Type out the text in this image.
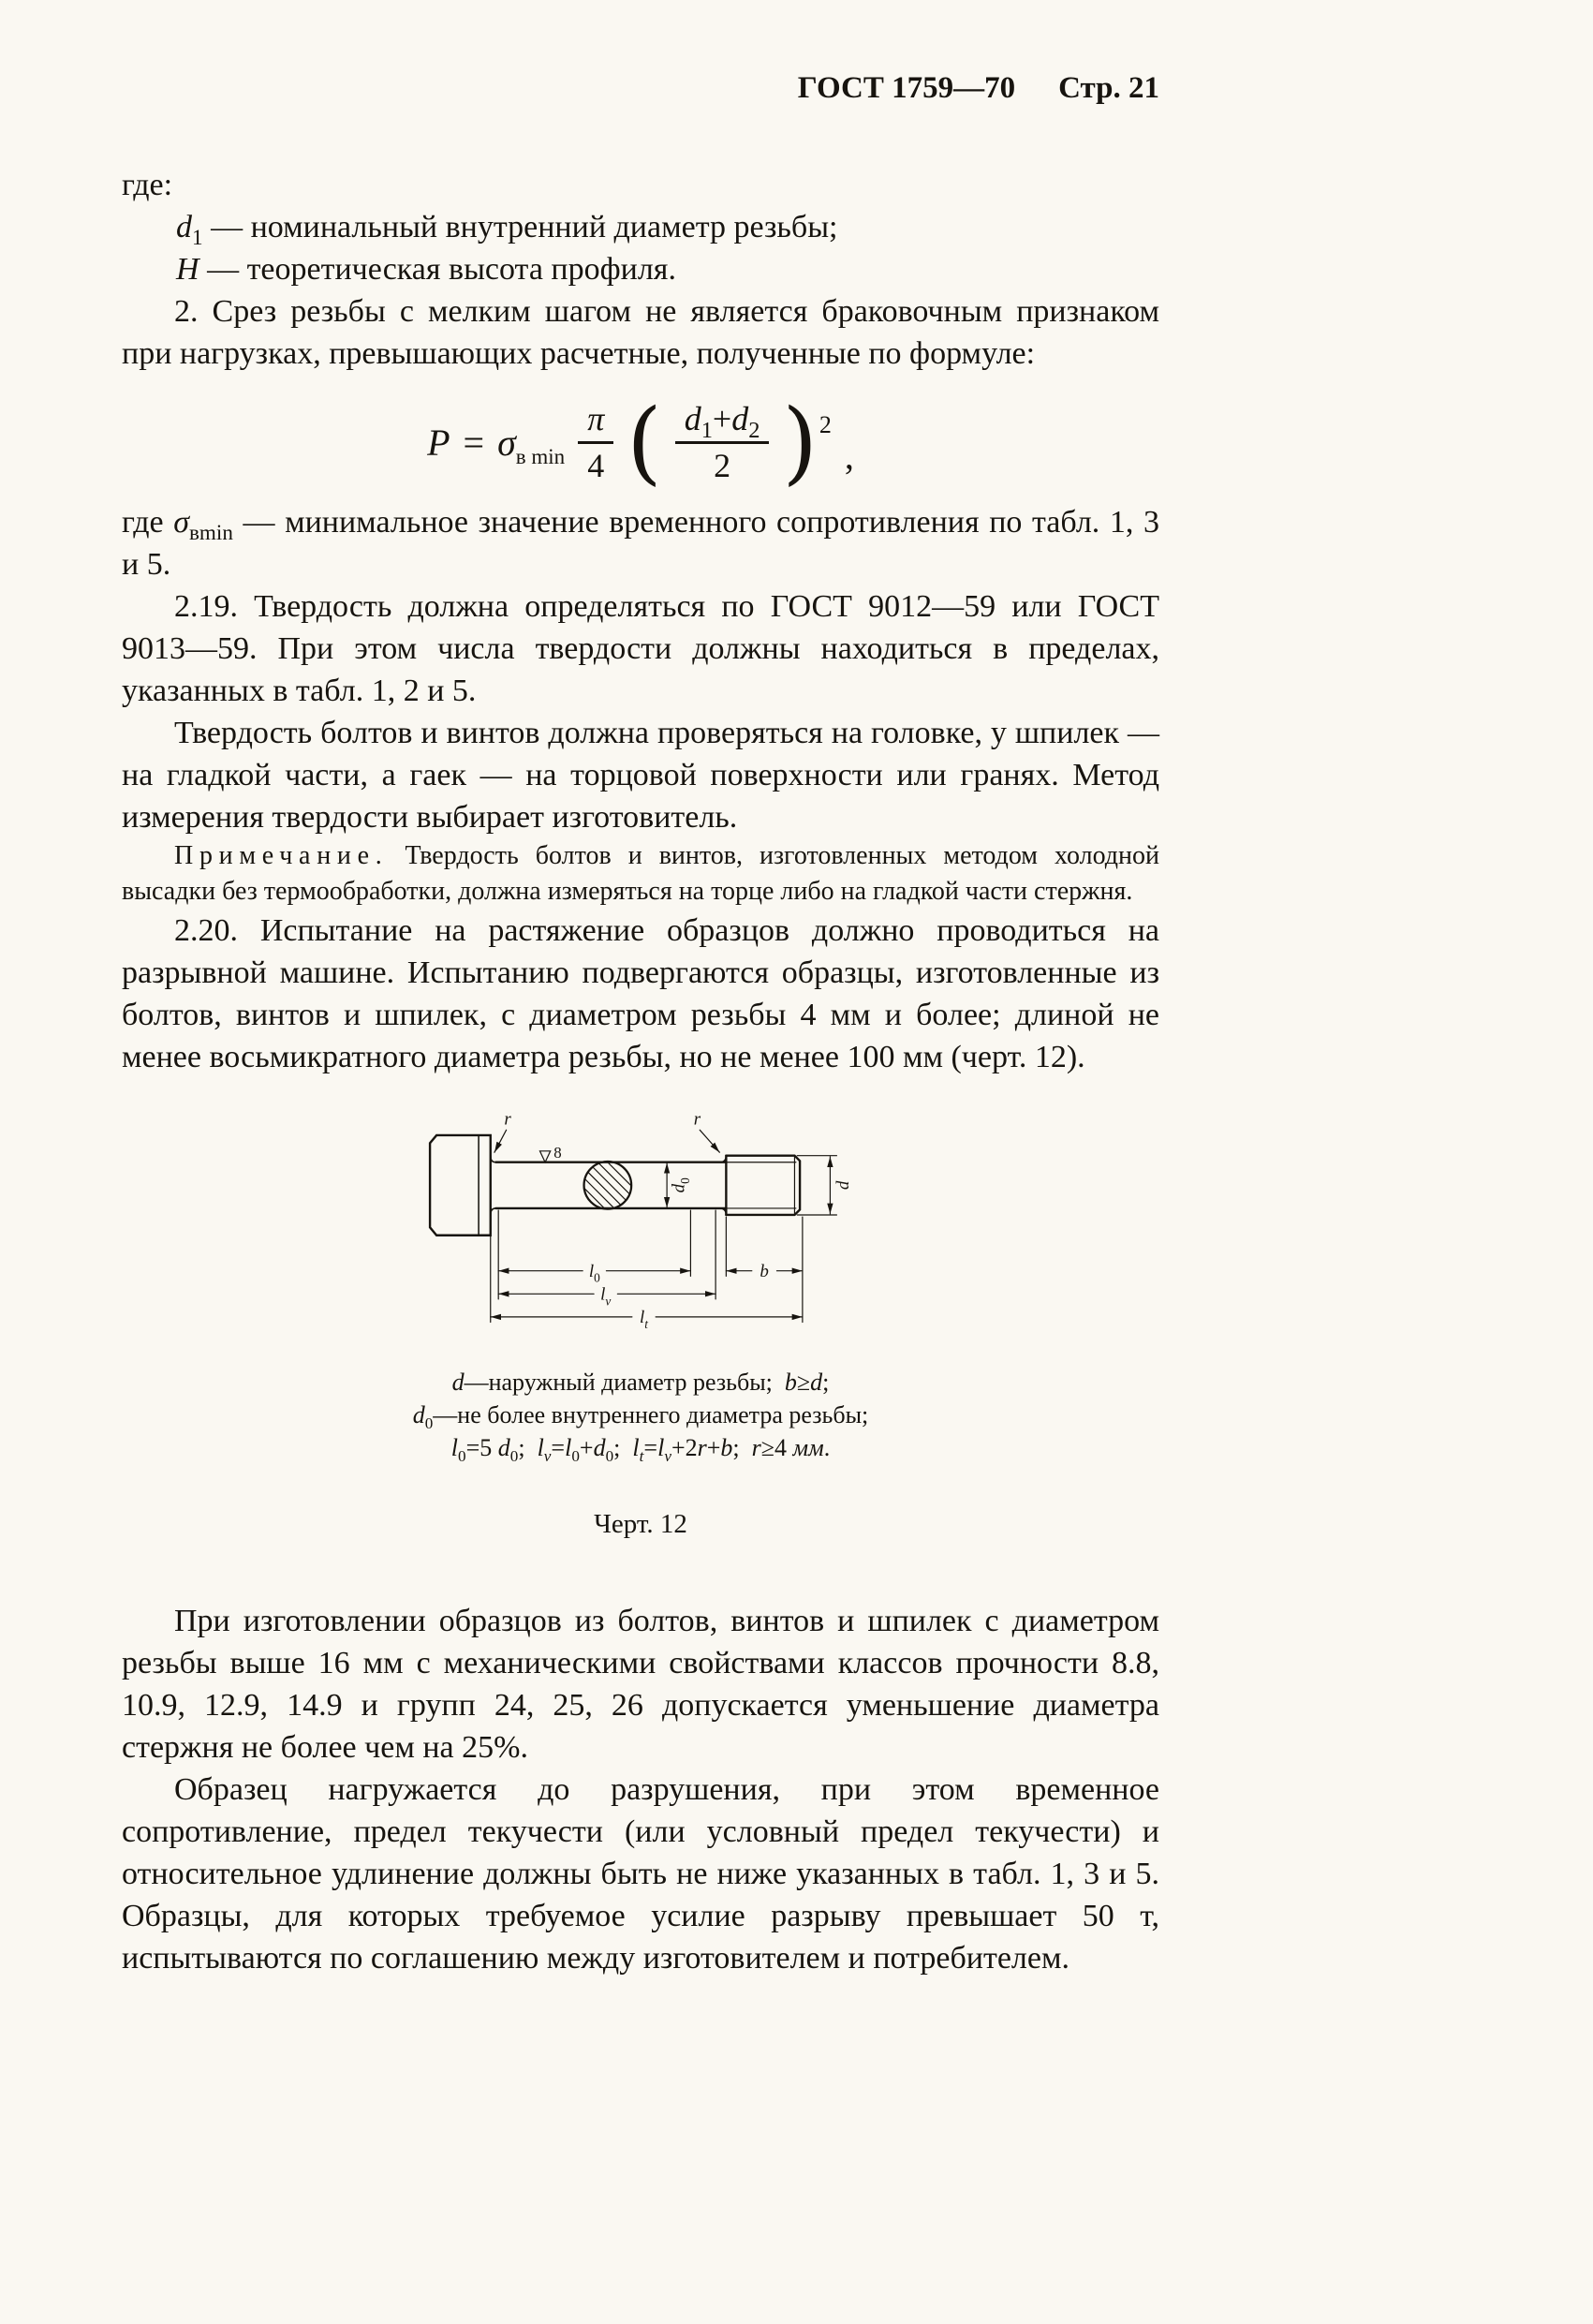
ГОСТ 1759—70 Стр. 21

где:

$d_1$ — номинальный внутренний диаметр резьбы;

Н — теоретическая высота профиля.

2. Срез резьбы с мелким шагом не является браковочным признаком при нагрузках, превышающих расчетные, полученные по формуле:

$P = \sigma_{в min} \frac{\pi}{4}$ ( $\frac{d_1+d_2}{2}$ ) 2
,

где $\sigma_{вmin}$ — минимальное значение временного сопротивления по табл. 1, 3 и 5.

2.19. Твердость должна определяться по ГОСТ 9012—59 или ГОСТ 9013—59. При этом числа твердости должны находиться в пределах, указанных в табл. 1, 2 и 5.

Твердость болтов и винтов должна проверяться на головке, у шпилек — на гладкой части, а гаек — на торцовой поверхности или гранях. Метод измерения твердости выбирает изготовитель.

Примечание. Твердость болтов и винтов, изготовленных методом холодной высадки без термообработки, должна измеряться на торце либо на гладкой части стержня.

2.20. Испытание на растяжение образцов должно проводиться на разрывной машине. Испытанию подвергаются образцы, изготовленные из болтов, винтов и шпилек, с диаметром резьбы 4 мм и более; длиной не менее восьмикратного диаметра резьбы, но не менее 100 мм (черт. 12).

r	r
8
$d_0$	d
$l_0$	b
$l_v$
$l_t$
d—наружный диаметр резьбы;  b≥d;
$d_0—не$ более внутреннего диаметра резьбы;
$l_0=5$ $d_0$;  $l_v=l_0+d_0$;  $l_t=l_v+2r+b$;  r≥4 мм.
Черт. 12

При изготовлении образцов из болтов, винтов и шпилек с диаметром резьбы выше 16 мм с механическими свойствами классов прочности 8.8, 10.9, 12.9, 14.9 и групп 24, 25, 26 допускается уменьшение диаметра стержня не более чем на 25%.

Образец нагружается до разрушения, при этом временное сопротивление, предел текучести (или условный предел текучести) и относительное удлинение должны быть не ниже указанных в табл. 1, 3 и 5. Образцы, для которых требуемое усилие разрыву превышает 50 т, испытываются по соглашению между изготовителем и потребителем.
